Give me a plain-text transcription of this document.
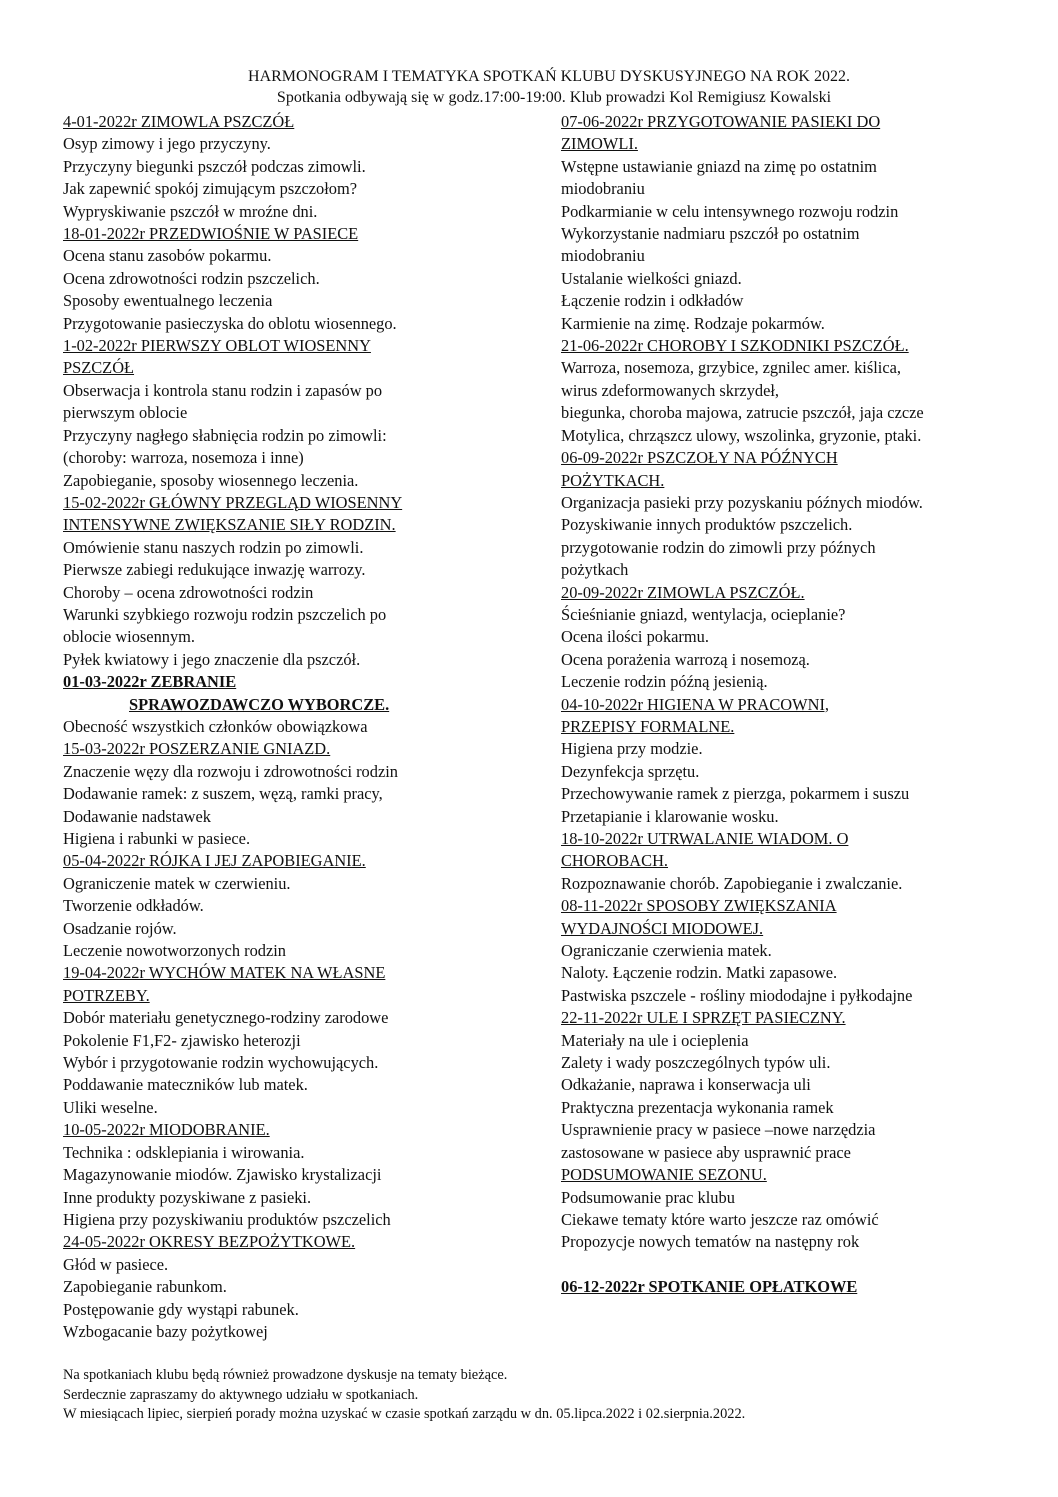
HARMONOGRAM I TEMATYKA SPOTKAŃ KLUBU DYSKUSYJNEGO NA ROK 2022.
Spotkania odbywają się w godz.17:00-19:00. Klub prowadzi Kol Remigiusz Kowalski
4-01-2022r ZIMOWLA PSZCZÓŁ
Osyp zimowy i jego przyczyny.
Przyczyny biegunki pszczół podczas zimowli.
Jak zapewnić spokój zimującym pszczołom?
Wypryskiwanie pszczół w mroźne dni.
18-01-2022r PRZEDWIOŚNIE W PASIECE
Ocena stanu zasobów pokarmu.
Ocena zdrowotności rodzin pszczelich.
Sposoby ewentualnego leczenia
Przygotowanie pasieczyska do oblotu wiosennego.
1-02-2022r PIERWSZY OBLOT WIOSENNY
PSZCZÓŁ
Obserwacja i kontrola stanu rodzin i zapasów po
pierwszym oblocie
Przyczyny nagłego słabnięcia rodzin po zimowli:
(choroby: warroza, nosemoza i inne)
Zapobieganie, sposoby wiosennego leczenia.
15-02-2022r GŁÓWNY PRZEGLĄD WIOSENNY
INTENSYWNE ZWIĘKSZANIE SIŁY RODZIN.
Omówienie stanu naszych rodzin po zimowli.
Pierwsze zabiegi redukujące inwazję warrozy.
Choroby – ocena zdrowotności rodzin
Warunki szybkiego rozwoju rodzin pszczelich po
oblocie wiosennym.
Pyłek kwiatowy i jego znaczenie dla pszczół.
01-03-2022r ZEBRANIE
SPRAWOZDAWCZO WYBORCZE.
Obecność wszystkich członków obowiązkowa
15-03-2022r POSZERZANIE GNIAZD.
Znaczenie węzy dla rozwoju i zdrowotności rodzin
Dodawanie ramek: z suszem, węzą, ramki pracy,
Dodawanie nadstawek
Higiena i rabunki w pasiece.
05-04-2022r RÓJKA I JEJ ZAPOBIEGANIE.
Ograniczenie matek w czerwieniu.
Tworzenie odkładów.
Osadzanie rojów.
Leczenie nowotworzonych rodzin
19-04-2022r WYCHÓW MATEK NA WŁASNE
POTRZEBY.
Dobór materiału genetycznego-rodziny zarodowe
Pokolenie F1,F2- zjawisko heterozji
Wybór i przygotowanie rodzin wychowujących.
Poddawanie mateczników lub matek.
Uliki weselne.
10-05-2022r MIODOBRANIE.
Technika : odsklepiania i wirowania.
Magazynowanie miodów. Zjawisko krystalizacji
Inne produkty pozyskiwane z pasieki.
Higiena przy pozyskiwaniu produktów pszczelich
24-05-2022r OKRESY BEZPOŻYTKOWE.
Głód w pasiece.
Zapobieganie rabunkom.
Postępowanie gdy wystąpi rabunek.
Wzbogacanie bazy pożytkowej
07-06-2022r PRZYGOTOWANIE PASIEKI DO
ZIMOWLI.
Wstępne ustawianie gniazd na zimę po ostatnim
miodobraniu
Podkarmianie w celu intensywnego rozwoju rodzin
Wykorzystanie nadmiaru pszczół po ostatnim
miodobraniu
Ustalanie wielkości gniazd.
Łączenie rodzin i odkładów
Karmienie na zimę. Rodzaje pokarmów.
21-06-2022r CHOROBY I SZKODNIKI PSZCZÓŁ.
Warroza, nosemoza, grzybice, zgnilec amer. kiślica,
wirus zdeformowanych skrzydeł,
biegunka, choroba majowa, zatrucie pszczół, jaja czcze
Motylica, chrząszcz ulowy, wszolinka, gryzonie, ptaki.
06-09-2022r PSZCZOŁY NA PÓŹNYCH
POŻYTKACH.
Organizacja pasieki przy pozyskaniu późnych miodów.
Pozyskiwanie innych produktów pszczelich.
przygotowanie rodzin do zimowli przy późnych
pożytkach
20-09-2022r ZIMOWLA PSZCZÓŁ.
Ścieśnianie gniazd, wentylacja, ocieplanie?
Ocena ilości pokarmu.
Ocena porażenia warrozą i nosemozą.
Leczenie rodzin późną jesienią.
04-10-2022r HIGIENA W PRACOWNI,
PRZEPISY FORMALNE.
Higiena przy modzie.
Dezynfekcja sprzętu.
Przechowywanie ramek z pierzga, pokarmem i suszu
Przetapianie i klarowanie wosku.
18-10-2022r UTRWALANIE WIADOM. O
CHOROBACH.
Rozpoznawanie chorób. Zapobieganie i zwalczanie.
08-11-2022r SPOSOBY ZWIĘKSZANIA
WYDAJNOŚCI MIODOWEJ.
Ograniczanie czerwienia matek.
Naloty. Łączenie rodzin. Matki zapasowe.
Pastwiska pszczele - rośliny miododajne i pyłkodajne
22-11-2022r ULE I SPRZĘT PASIECZNY.
Materiały na ule i ocieplenia
Zalety i wady poszczególnych typów uli.
Odkażanie, naprawa i konserwacja uli
Praktyczna prezentacja wykonania ramek
Usprawnienie pracy w pasiece –nowe narzędzia
zastosowane w pasiece aby usprawnić prace
PODSUMOWANIE SEZONU.
Podsumowanie prac klubu
Ciekawe tematy które warto jeszcze raz omówić
Propozycje nowych tematów na następny rok
06-12-2022r SPOTKANIE OPŁATKOWE
Na spotkaniach klubu będą również prowadzone dyskusje na tematy bieżące.
Serdecznie zapraszamy do aktywnego udziału w spotkaniach.
W miesiącach lipiec, sierpień porady można uzyskać w czasie spotkań zarządu w dn. 05.lipca.2022 i 02.sierpnia.2022.
